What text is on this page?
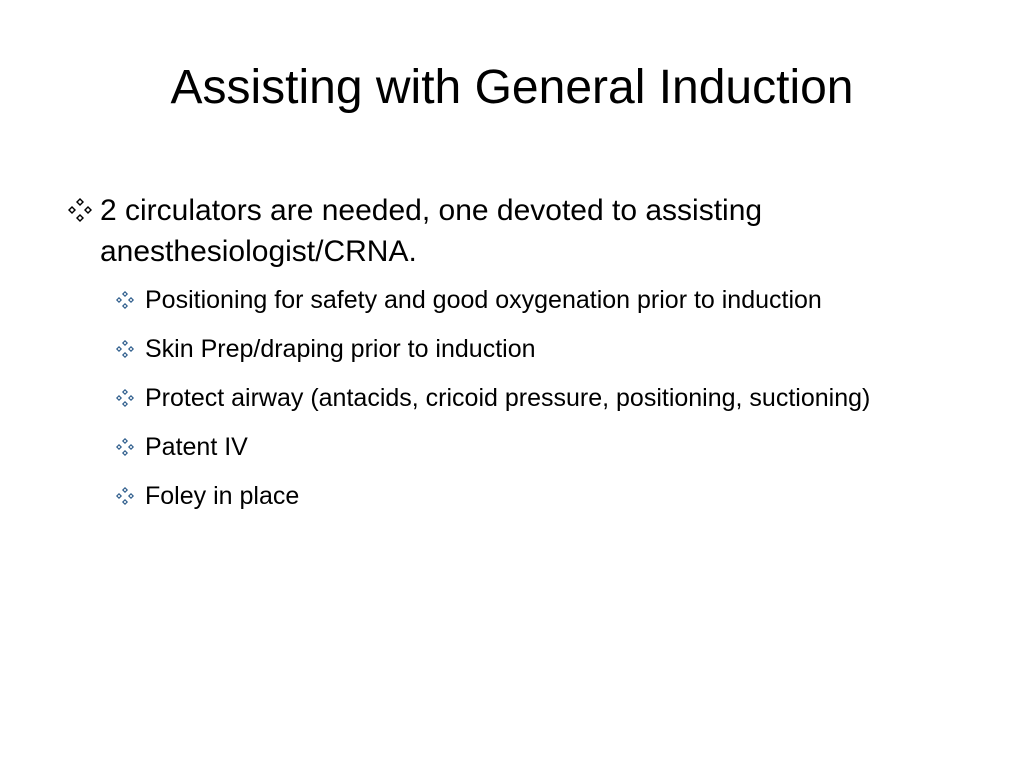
Assisting with General Induction
2 circulators are needed, one devoted to assisting anesthesiologist/CRNA.
Positioning for safety and good oxygenation prior to induction
Skin Prep/draping prior to induction
Protect airway (antacids, cricoid pressure, positioning, suctioning)
Patent IV
Foley in place
